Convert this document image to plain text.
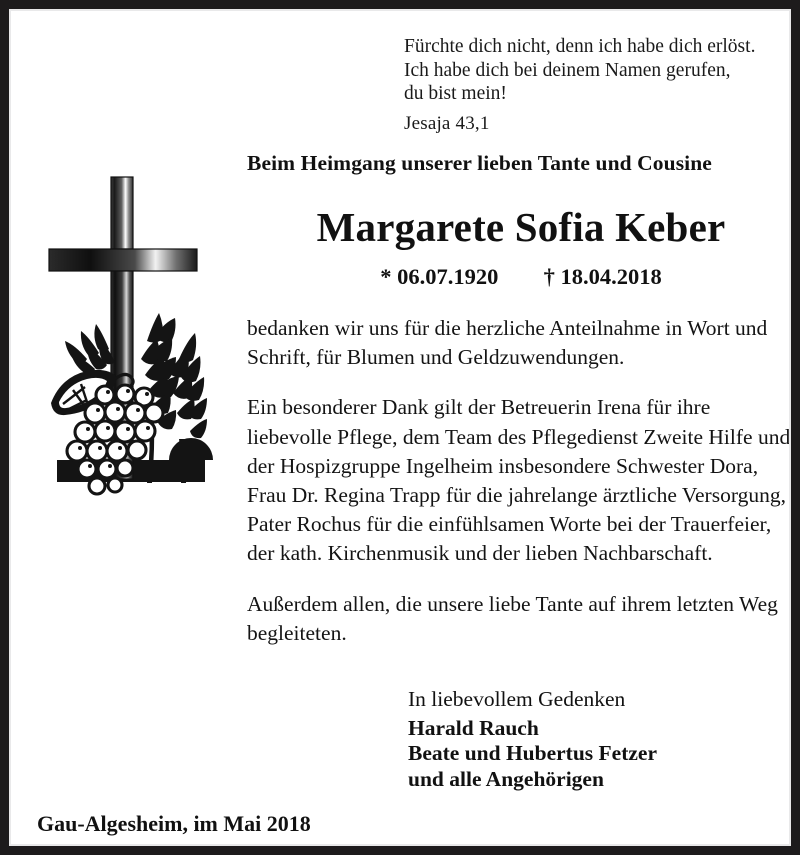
Fürchte dich nicht, denn ich habe dich erlöst.
Ich habe dich bei deinem Namen gerufen,
du bist mein!
Jesaja 43,1
Beim Heimgang unserer lieben Tante und Cousine
Margarete Sofia Keber
* 06.07.1920 † 18.04.2018

bedanken wir uns für die herzliche Anteilnahme in Wort und Schrift, für Blumen und Geldzuwendungen.

Ein besonderer Dank gilt der Betreuerin Irena für ihre liebevolle Pflege, dem Team des Pflegedienst Zweite Hilfe und der Hospizgruppe Ingelheim insbesondere Schwester Dora, Frau Dr. Regina Trapp für die jahrelange ärztliche Versorgung, Pater Rochus für die einfühlsamen Worte bei der Trauerfeier, der kath. Kirchenmusik und der lieben Nachbarschaft.

Außerdem allen, die unsere liebe Tante auf ihrem letzten Weg begleiteten.

In liebevollem Gedenken
Harald Rauch
Beate und Hubertus Fetzer
und alle Angehörigen
Gau-Algesheim, im Mai 2018
